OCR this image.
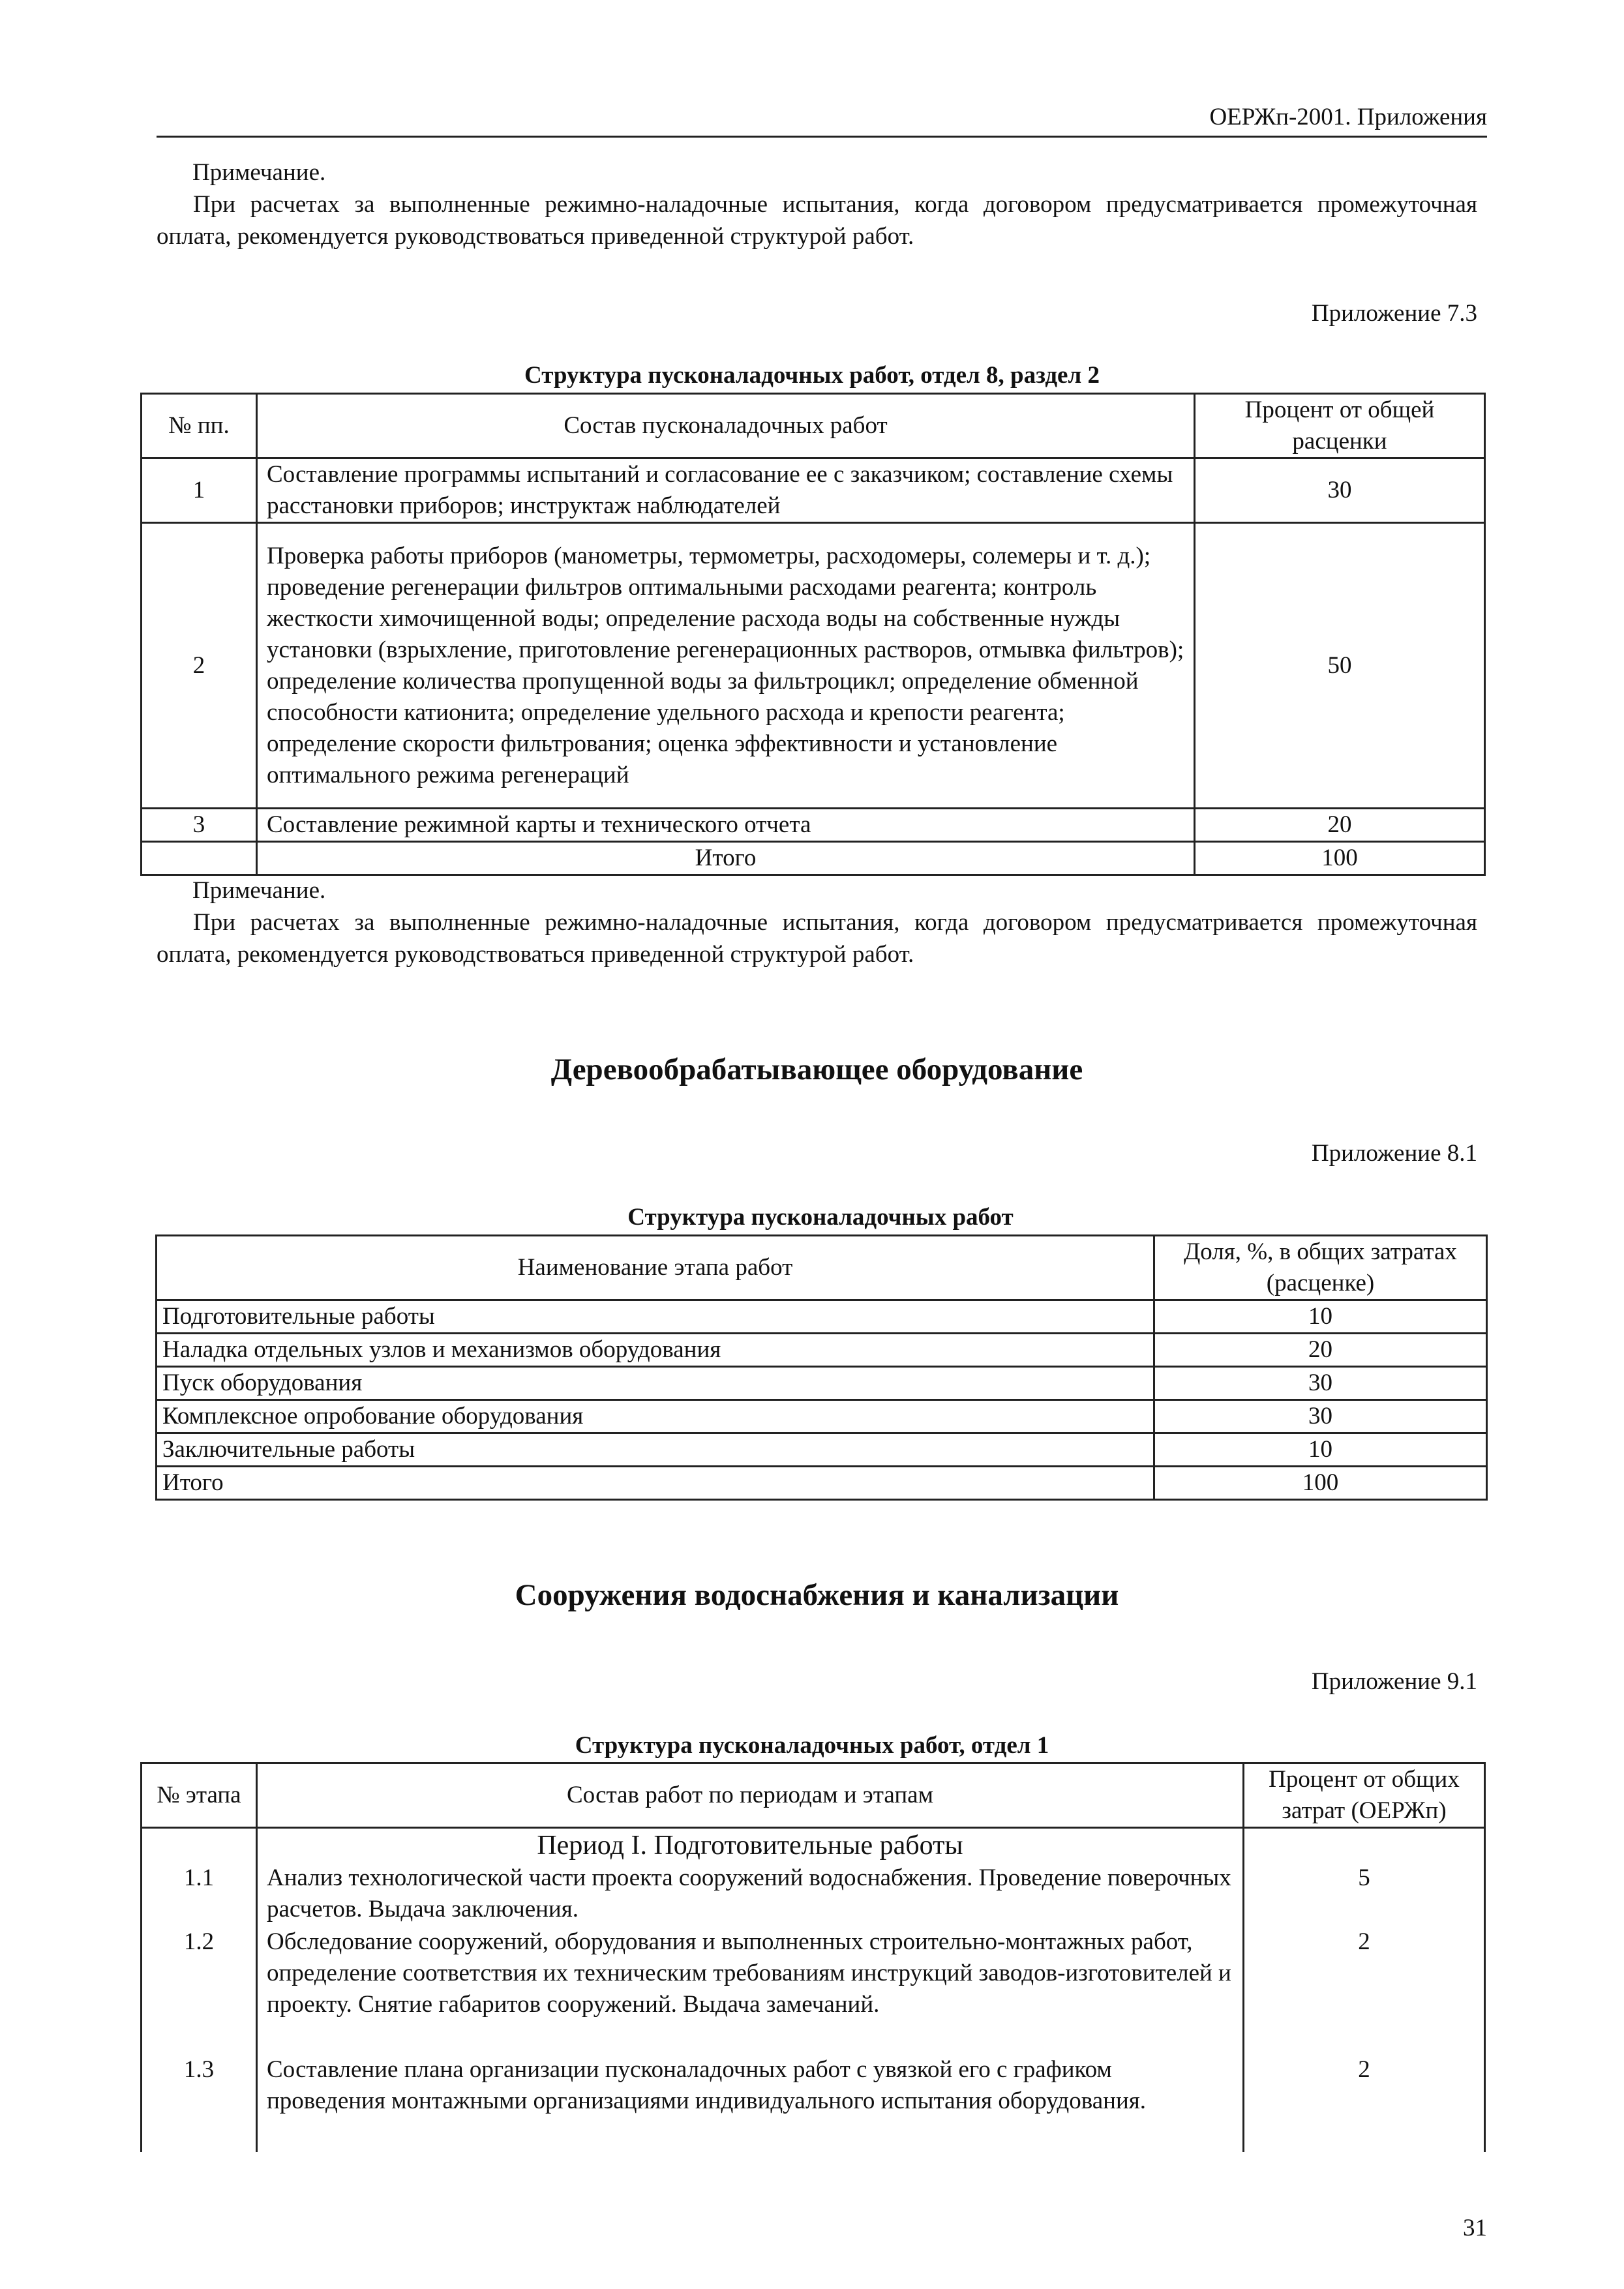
ОЕРЖп-2001. Приложения
Примечание.
При расчетах за выполненные режимно-наладочные испытания, когда договором предусматривается промежуточная оплата, рекомендуется руководствоваться приведенной структурой работ.
Приложение 7.3
Структура пусконаладочных работ, отдел 8, раздел 2
№ пп.	Состав пусконаладочных работ	Процент от общей расценки
1	Составление программы испытаний и согласование ее с заказчиком; составление схемы расстановки приборов; инструктаж наблюдателей	30
2	Проверка работы приборов (манометры, термометры, расходомеры, солемеры и т. д.); проведение регенерации фильтров оптимальными расходами реагента; контроль жесткости химочищенной воды; определение расхода воды на собственные нужды установки (взрыхление, приготовление регенерационных растворов, отмывка фильтров); определение количества пропущенной воды за фильтроцикл; определение обменной способности катионита; определение удельного расхода и крепости реагента; определение скорости фильтрования; оценка эффективности и установление оптимального режима регенераций	50
3	Составление режимной карты и технического отчета	20
	Итого	100
Примечание.
При расчетах за выполненные режимно-наладочные испытания, когда договором предусматривается промежуточная оплата, рекомендуется руководствоваться приведенной структурой работ.
Деревообрабатывающее оборудование
Приложение 8.1
Структура пусконаладочных работ
Наименование этапа работ	Доля, %, в общих затратах (расценке)
Подготовительные работы	10
Наладка отдельных узлов и механизмов оборудования	20
Пуск оборудования	30
Комплексное опробование оборудования	30
Заключительные работы	10
Итого	100
Сооружения водоснабжения и канализации
Приложение 9.1
Структура пусконаладочных работ, отдел 1
№ этапа	Состав работ по периодам и этапам	Процент от общих затрат (ОЕРЖп)
	Период I. Подготовительные работы	
1.1	Анализ технологической части проекта сооружений водоснабжения. Проведение поверочных расчетов. Выдача заключения.	5
1.2	Обследование сооружений, оборудования и выполненных строительно-монтажных работ, определение соответствия их техническим требованиям инструкций заводов-изготовителей и проекту. Снятие габаритов сооружений. Выдача замечаний.	2
1.3	Составление плана организации пусконаладочных работ с увязкой его с графиком проведения монтажными организациями индивидуального испытания оборудования.	2
31
